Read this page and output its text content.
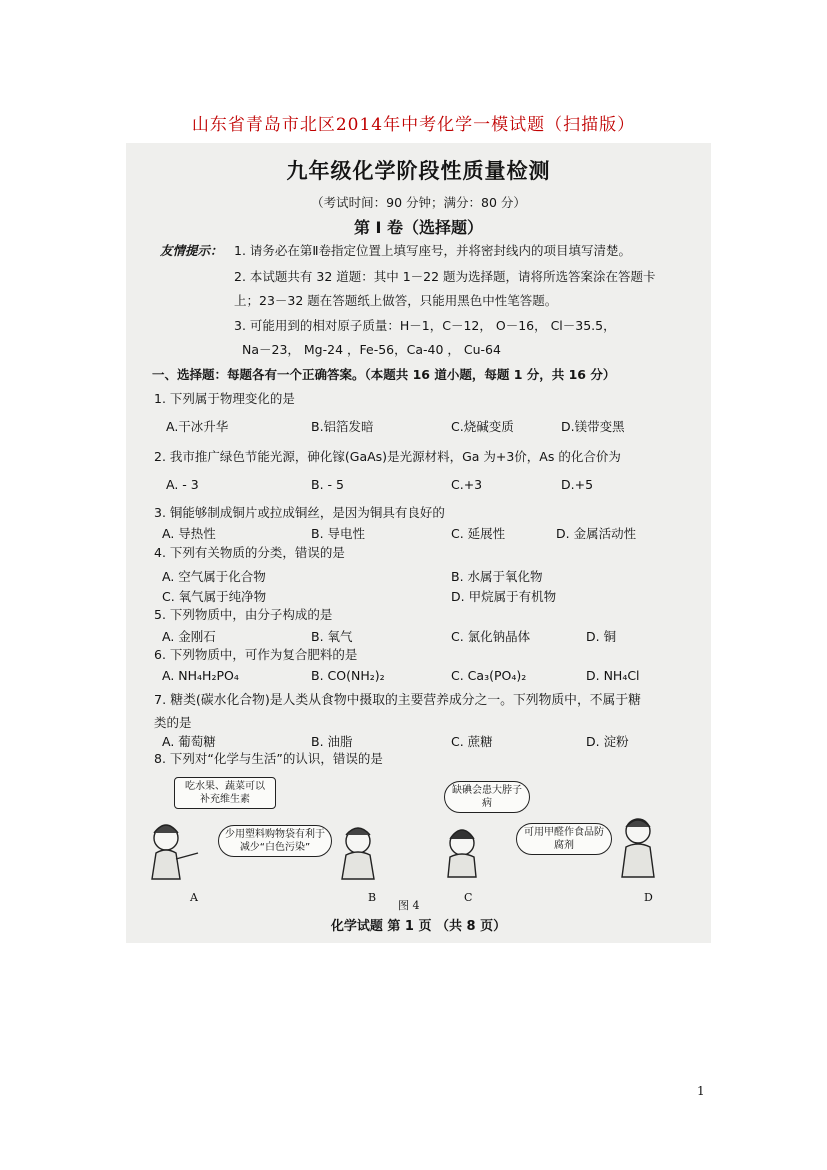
山东省青岛市北区2014年中考化学一模试题（扫描版）
九年级化学阶段性质量检测
（考试时间：90 分钟；满分：80 分）
第 Ⅰ 卷（选择题）
友情提示： 1. 请务必在第Ⅱ卷指定位置上填写座号，并将密封线内的项目填写清楚。
2. 本试题共有 32 道题：其中 1－22 题为选择题，请将所选答案涂在答题卡
上；23－32 题在答题纸上做答，只能用黑色中性笔答题。
3. 可能用到的相对原子质量：H－1，C－12， O－16， Cl－35.5，
Na－23， Mg-24 ，Fe-56，Ca-40 ， Cu-64
一、选择题：每题各有一个正确答案。（本题共 16 道小题，每题 1 分，共 16 分）
1. 下列属于物理变化的是
A.干冰升华	B.铝箔发暗	C.烧碱变质	D.镁带变黑
2. 我市推广绿色节能光源，砷化镓(GaAs)是光源材料，Ga 为+3价，As 的化合价为
A. - 3	B. - 5	C.+3	D.+5
3. 铜能够制成铜片或拉成铜丝，是因为铜具有良好的
A. 导热性	B. 导电性	C. 延展性	D. 金属活动性
4. 下列有关物质的分类，错误的是
A. 空气属于化合物	B. 水属于氧化物
C. 氧气属于纯净物	D. 甲烷属于有机物
5. 下列物质中，由分子构成的是
A. 金刚石	B. 氧气	C. 氯化钠晶体	D. 铜
6. 下列物质中，可作为复合肥料的是
A. NH₄H₂PO₄	B. CO(NH₂)₂	C. Ca₃(PO₄)₂	D. NH₄Cl
7. 糖类(碳水化合物)是人类从食物中摄取的主要营养成分之一。下列物质中，不属于糖
类的是
A. 葡萄糖	B. 油脂	C. 蔗糖	D. 淀粉
8. 下列对“化学与生活”的认识，错误的是
吃水果、蔬菜可以补充维生素
少用塑料购物袋有利于减少“白色污染”
缺碘会患大脖子病
可用甲醛作食品防腐剂
A	B	C	D
图 4
化学试题 第 1 页 （共 8 页）
1
